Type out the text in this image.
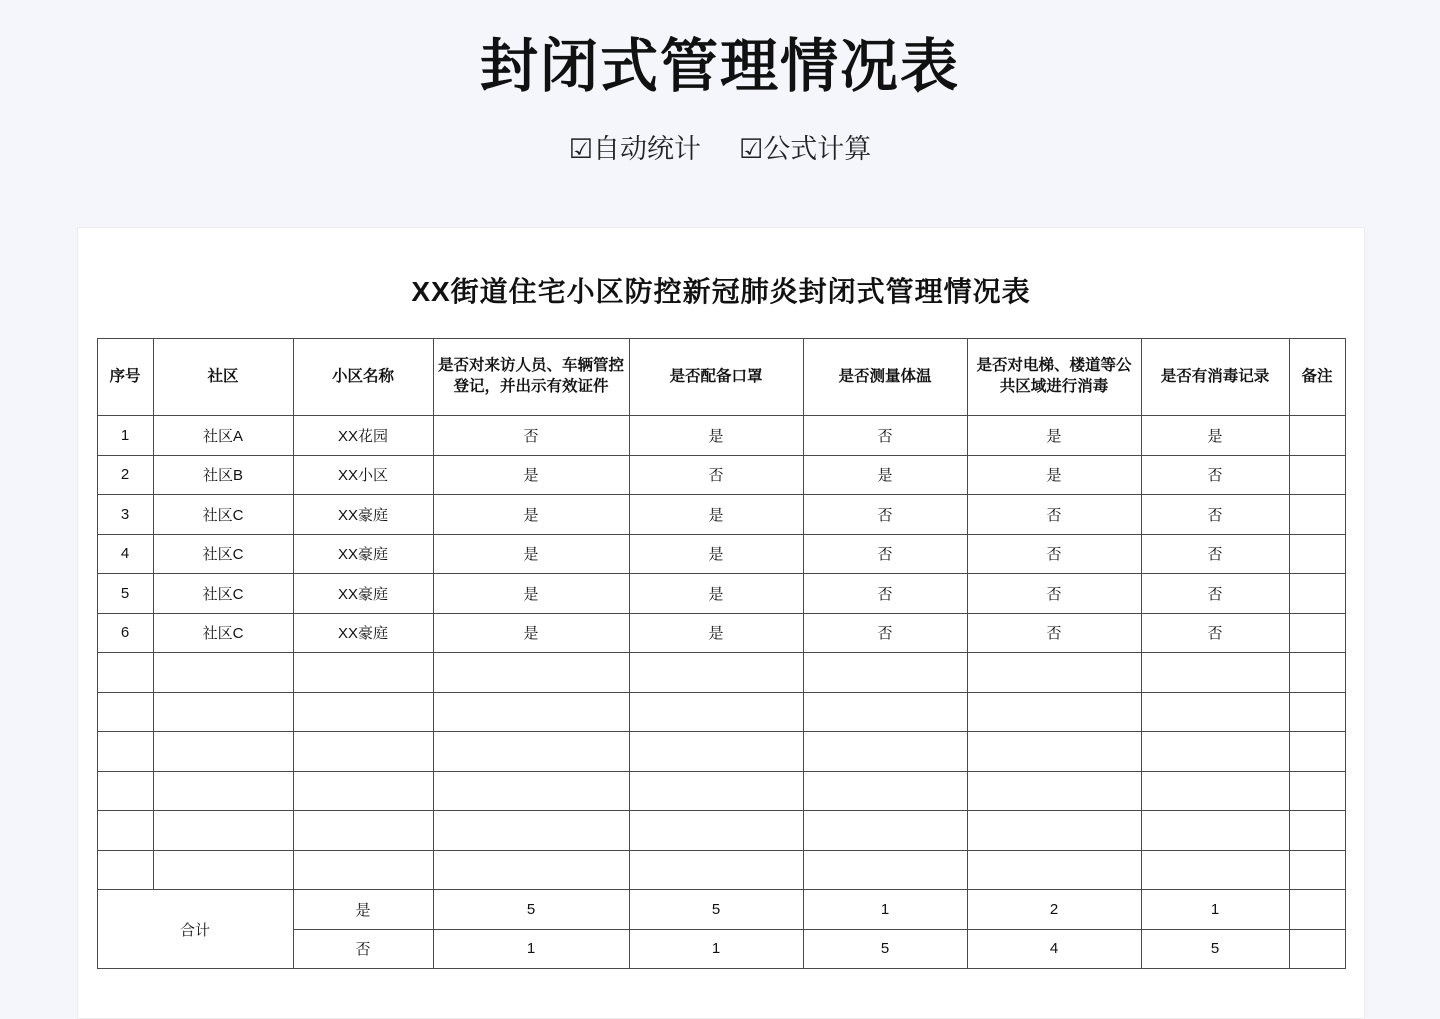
封闭式管理情况表
☑自动统计 ☑公式计算
XX街道住宅小区防控新冠肺炎封闭式管理情况表
序号	社区	小区名称	是否对来访人员、车辆管控登记，并出示有效证件	是否配备口罩	是否测量体温	是否对电梯、楼道等公共区域进行消毒	是否有消毒记录	备注
1	社区A	XX花园	否	是	否	是	是	
2	社区B	XX小区	是	否	是	是	否	
3	社区C	XX豪庭	是	是	否	否	否	
4	社区C	XX豪庭	是	是	否	否	否	
5	社区C	XX豪庭	是	是	否	否	否	
6	社区C	XX豪庭	是	是	否	否	否	

合计		是	5	5	1	2	1	
		否	1	1	5	4	5	
